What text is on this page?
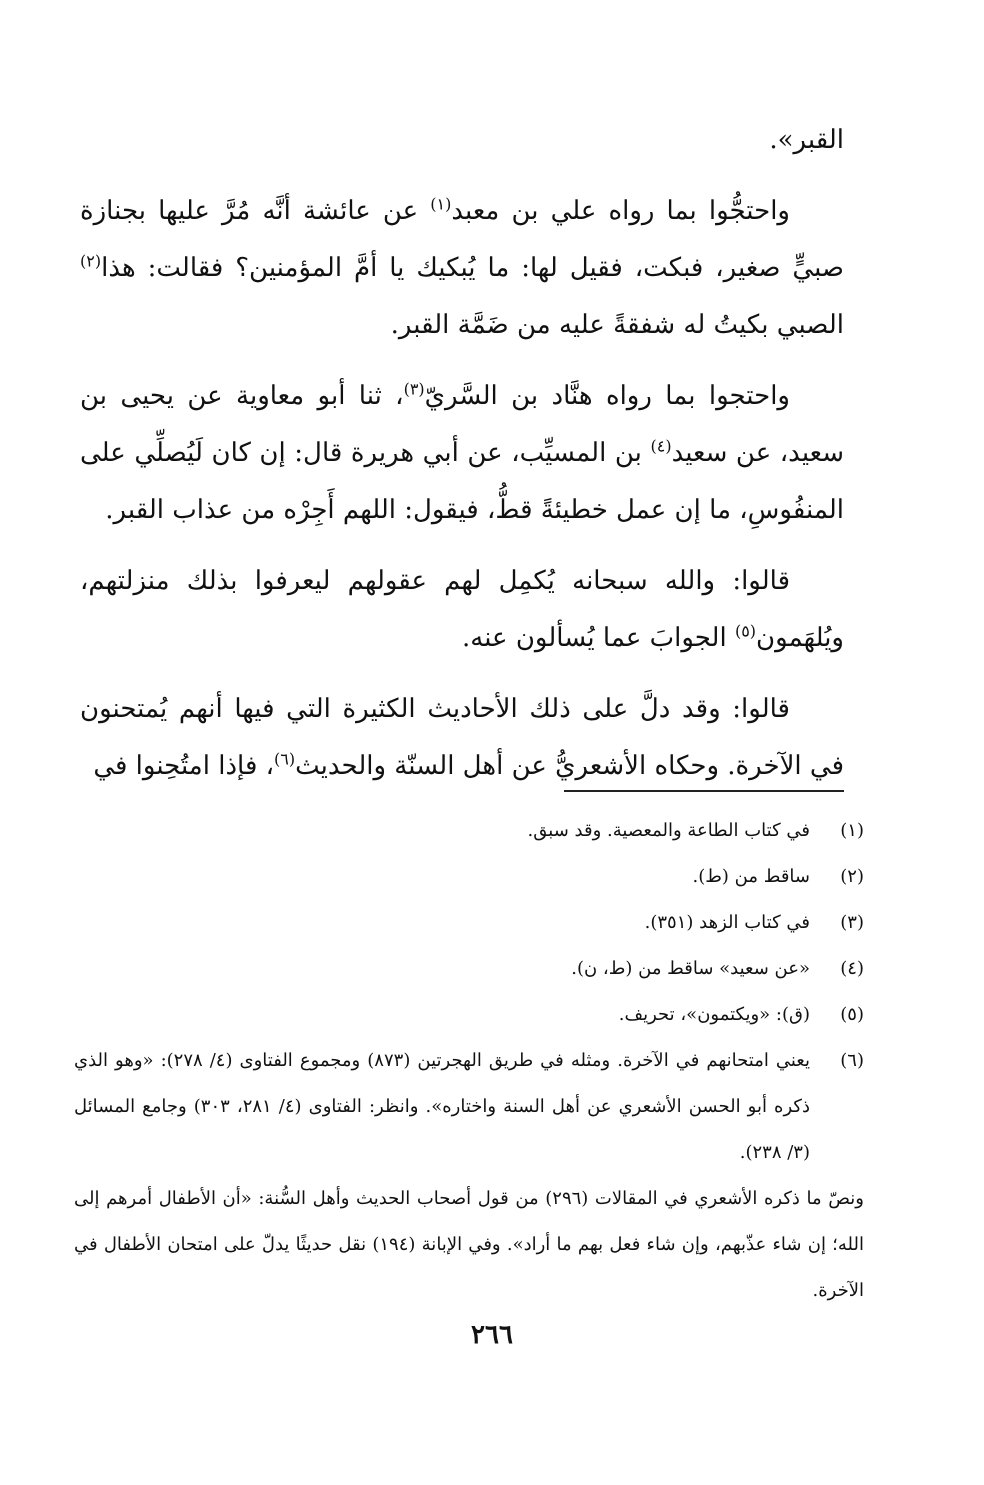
القبر».

واحتجُّوا بما رواه علي بن معبد$^{(١)}$ عن عائشة أنَّه مُرَّ عليها بجنازة صبيٍّ صغير، فبكت، فقيل لها: ما يُبكيك يا أمَّ المؤمنين؟ فقالت: هذا$^{(٢)}$ الصبي بكيتُ له شفقةً عليه من ضَمَّة القبر.

واحتجوا بما رواه هنَّاد بن السَّريّ$^{(٣)}$، ثنا أبو معاوية عن يحيى بن سعيد، عن سعيد$^{(٤)}$ بن المسيِّب، عن أبي هريرة قال: إن كان لَيُصلِّي على المنفُوسِ، ما إن عمل خطيئةً قطُّ، فيقول: اللهم أَجِرْه من عذاب القبر.

قالوا: والله سبحانه يُكمِل لهم عقولهم ليعرفوا بذلك منزلتهم، ويُلهَمون$^{(٥)}$ الجوابَ عما يُسألون عنه.

قالوا: وقد دلَّ على ذلك الأحاديث الكثيرة التي فيها أنهم يُمتحنون في الآخرة. وحكاه الأشعريُّ عن أهل السنّة والحديث$^{(٦)}$، فإذا امتُحِنوا في

(١)
في كتاب الطاعة والمعصية. وقد سبق.
(٢)
ساقط من (ط).
(٣)
في كتاب الزهد (٣٥١).
(٤)
«عن سعيد» ساقط من (ط، ن).
(٥)
(ق): «ويكتمون»، تحريف.
(٦)
يعني امتحانهم في الآخرة. ومثله في طريق الهجرتين (٨٧٣) ومجموع الفتاوى (٤/ ٢٧٨): «وهو الذي ذكره أبو الحسن الأشعري عن أهل السنة واختاره». وانظر: الفتاوى (٤/ ٢٨١، ٣٠٣) وجامع المسائل (٣/ ٢٣٨).
ونصّ ما ذكره الأشعري في المقالات (٢٩٦) من قول أصحاب الحديث وأهل السُّنة: «أن الأطفال أمرهم إلى الله؛ إن شاء عذّبهم، وإن شاء فعل بهم ما أراد». وفي الإبانة (١٩٤) نقل حديثًا يدلّ على امتحان الأطفال في الآخرة.
٢٦٦
